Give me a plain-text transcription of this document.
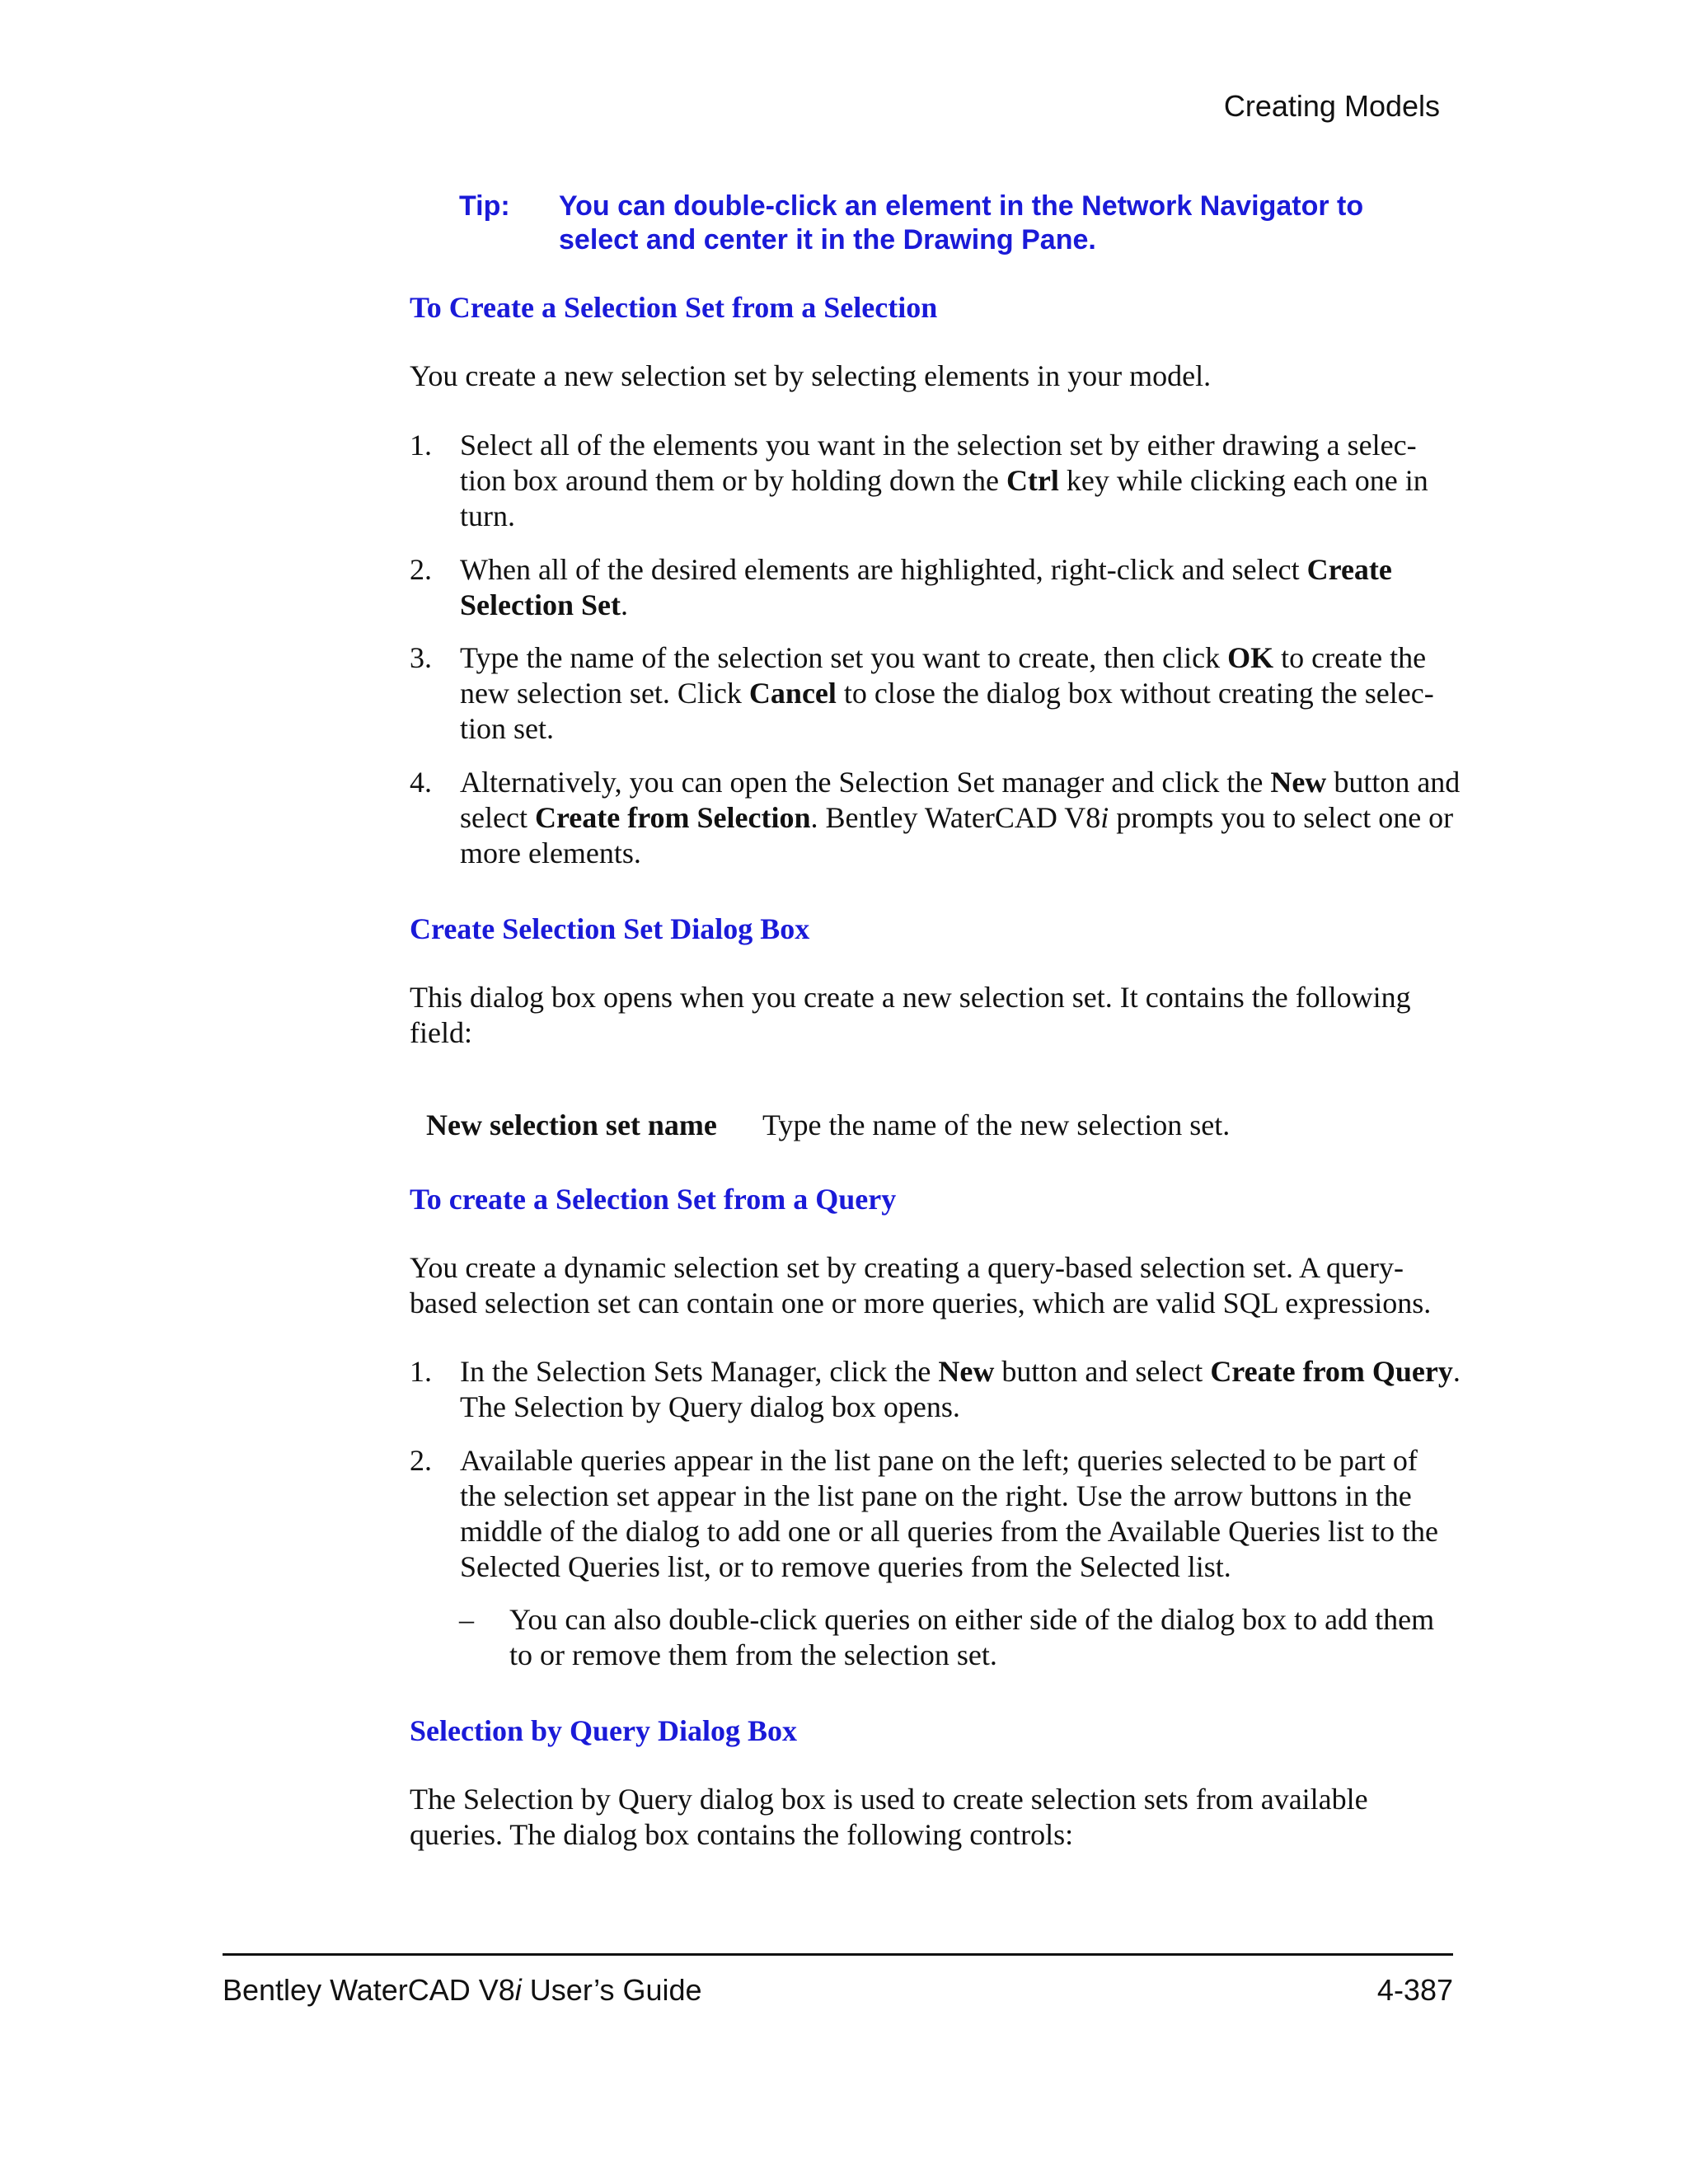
Creating Models
Tip: You can double-click an element in the Network Navigator to select and center it in the Drawing Pane.
To Create a Selection Set from a Selection
You create a new selection set by selecting elements in your model.
1. Select all of the elements you want in the selection set by either drawing a selec-tion box around them or by holding down the Ctrl key while clicking each one in turn.
2. When all of the desired elements are highlighted, right-click and select Create Selection Set.
3. Type the name of the selection set you want to create, then click OK to create the new selection set. Click Cancel to close the dialog box without creating the selec-tion set.
4. Alternatively, you can open the Selection Set manager and click the New button and select Create from Selection. Bentley WaterCAD V8i prompts you to select one or more elements.
Create Selection Set Dialog Box
This dialog box opens when you create a new selection set. It contains the following field:
New selection set name Type the name of the new selection set.
To create a Selection Set from a Query
You create a dynamic selection set by creating a query-based selection set. A query-based selection set can contain one or more queries, which are valid SQL expressions.
1. In the Selection Sets Manager, click the New button and select Create from Query. The Selection by Query dialog box opens.
2. Available queries appear in the list pane on the left; queries selected to be part of the selection set appear in the list pane on the right. Use the arrow buttons in the middle of the dialog to add one or all queries from the Available Queries list to the Selected Queries list, or to remove queries from the Selected list.
– You can also double-click queries on either side of the dialog box to add them to or remove them from the selection set.
Selection by Query Dialog Box
The Selection by Query dialog box is used to create selection sets from available queries. The dialog box contains the following controls:
Bentley WaterCAD V8i User’s Guide	4-387
